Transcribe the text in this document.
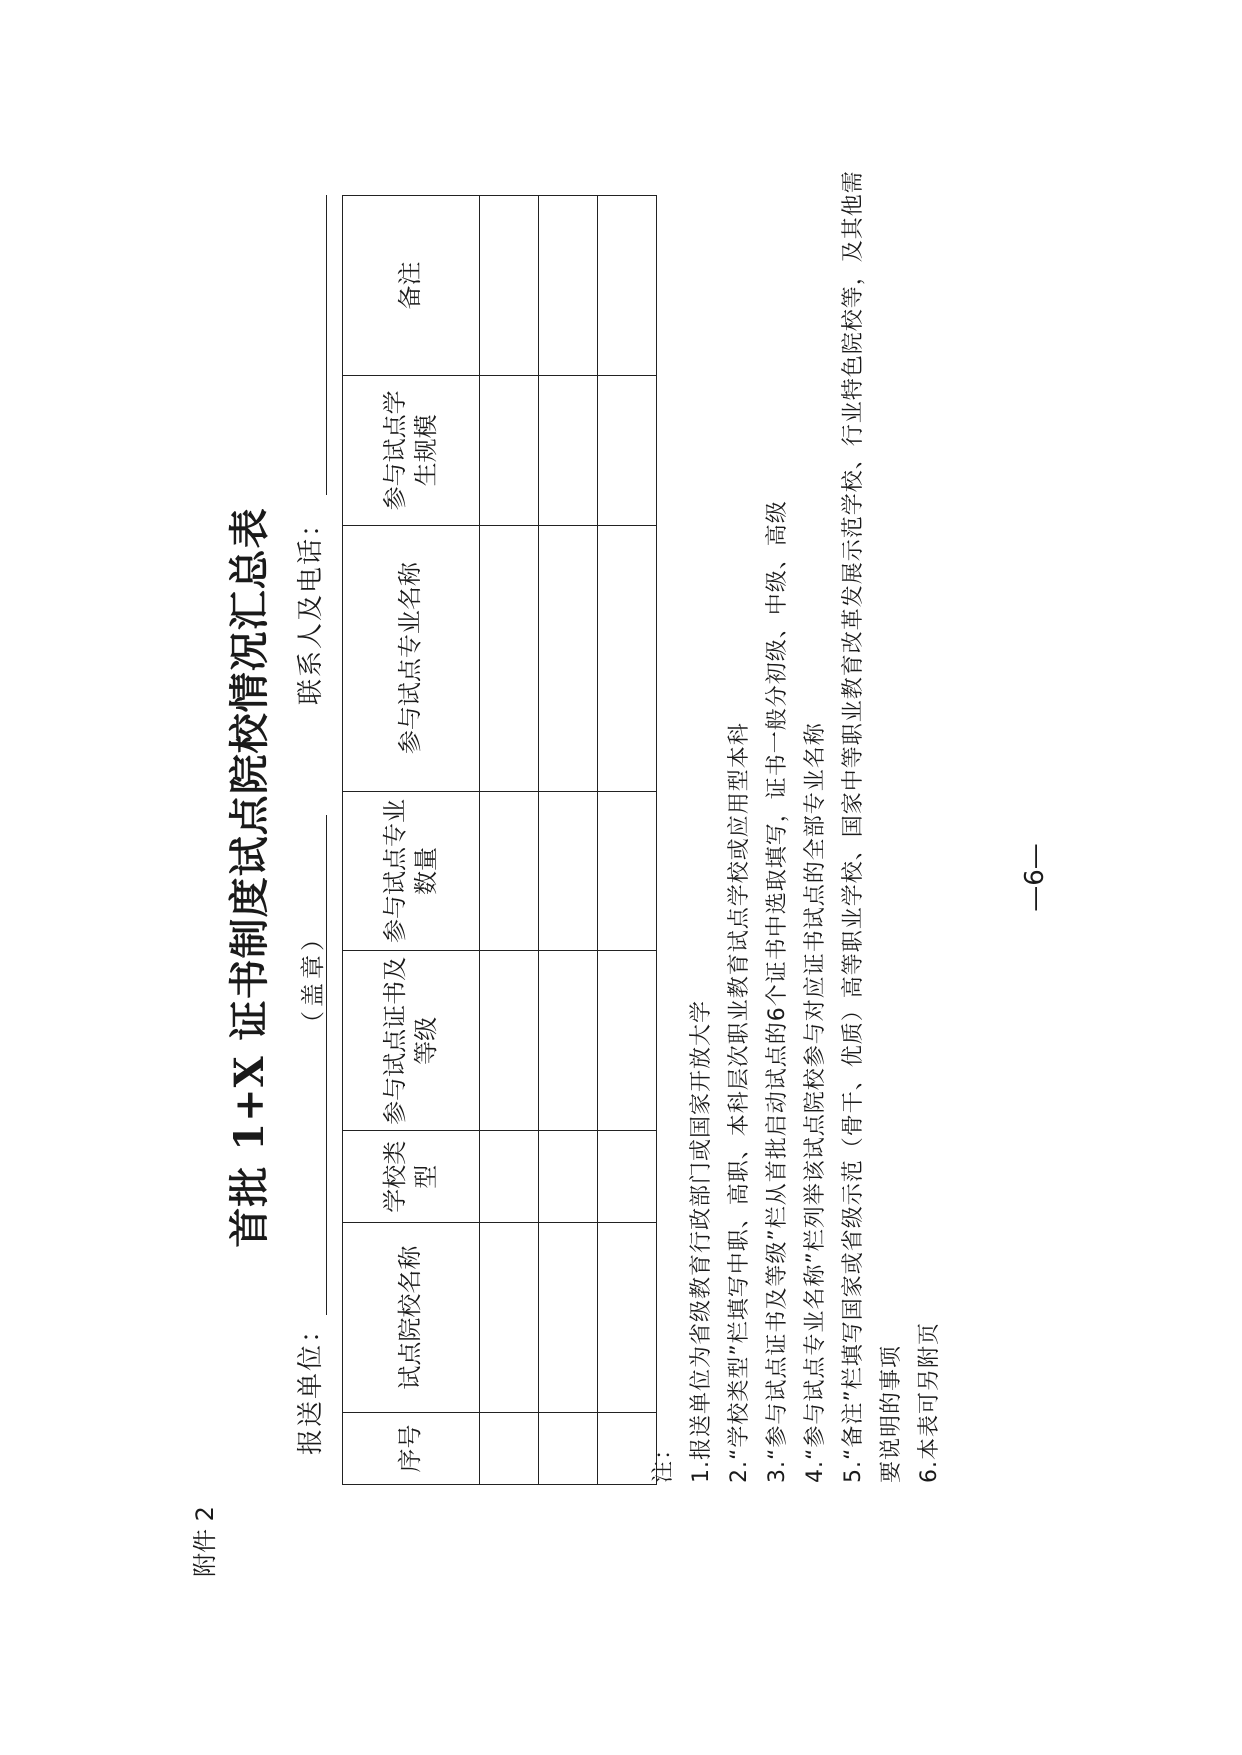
附件 2
首批 1+X 证书制度试点院校情况汇总表
报送单位：
（盖章）
联系人及电话：
序号	试点院校名称	学校类型	参与试点证书及等级	参与试点专业数量	参与试点专业名称	参与试点学生规模	备注

注： 1.报送单位为省级教育行政部门或国家开放大学 2.“学校类型”栏填写中职、高职、本科层次职业教育试点学校或应用型本科 3.“参与试点证书及等级”栏从首批启动试点的6个证书中选取填写，证书一般分初级、中级、高级 4.“参与试点专业名称”栏列举该试点院校参与对应证书试点的全部专业名称 5.“备注”栏填写国家或省级示范（骨干、优质）高等职业学校、国家中等职业教育改革发展示范学校、行业特色院校等，及其他需要说明的事项 6.本表可另附页
—6—
